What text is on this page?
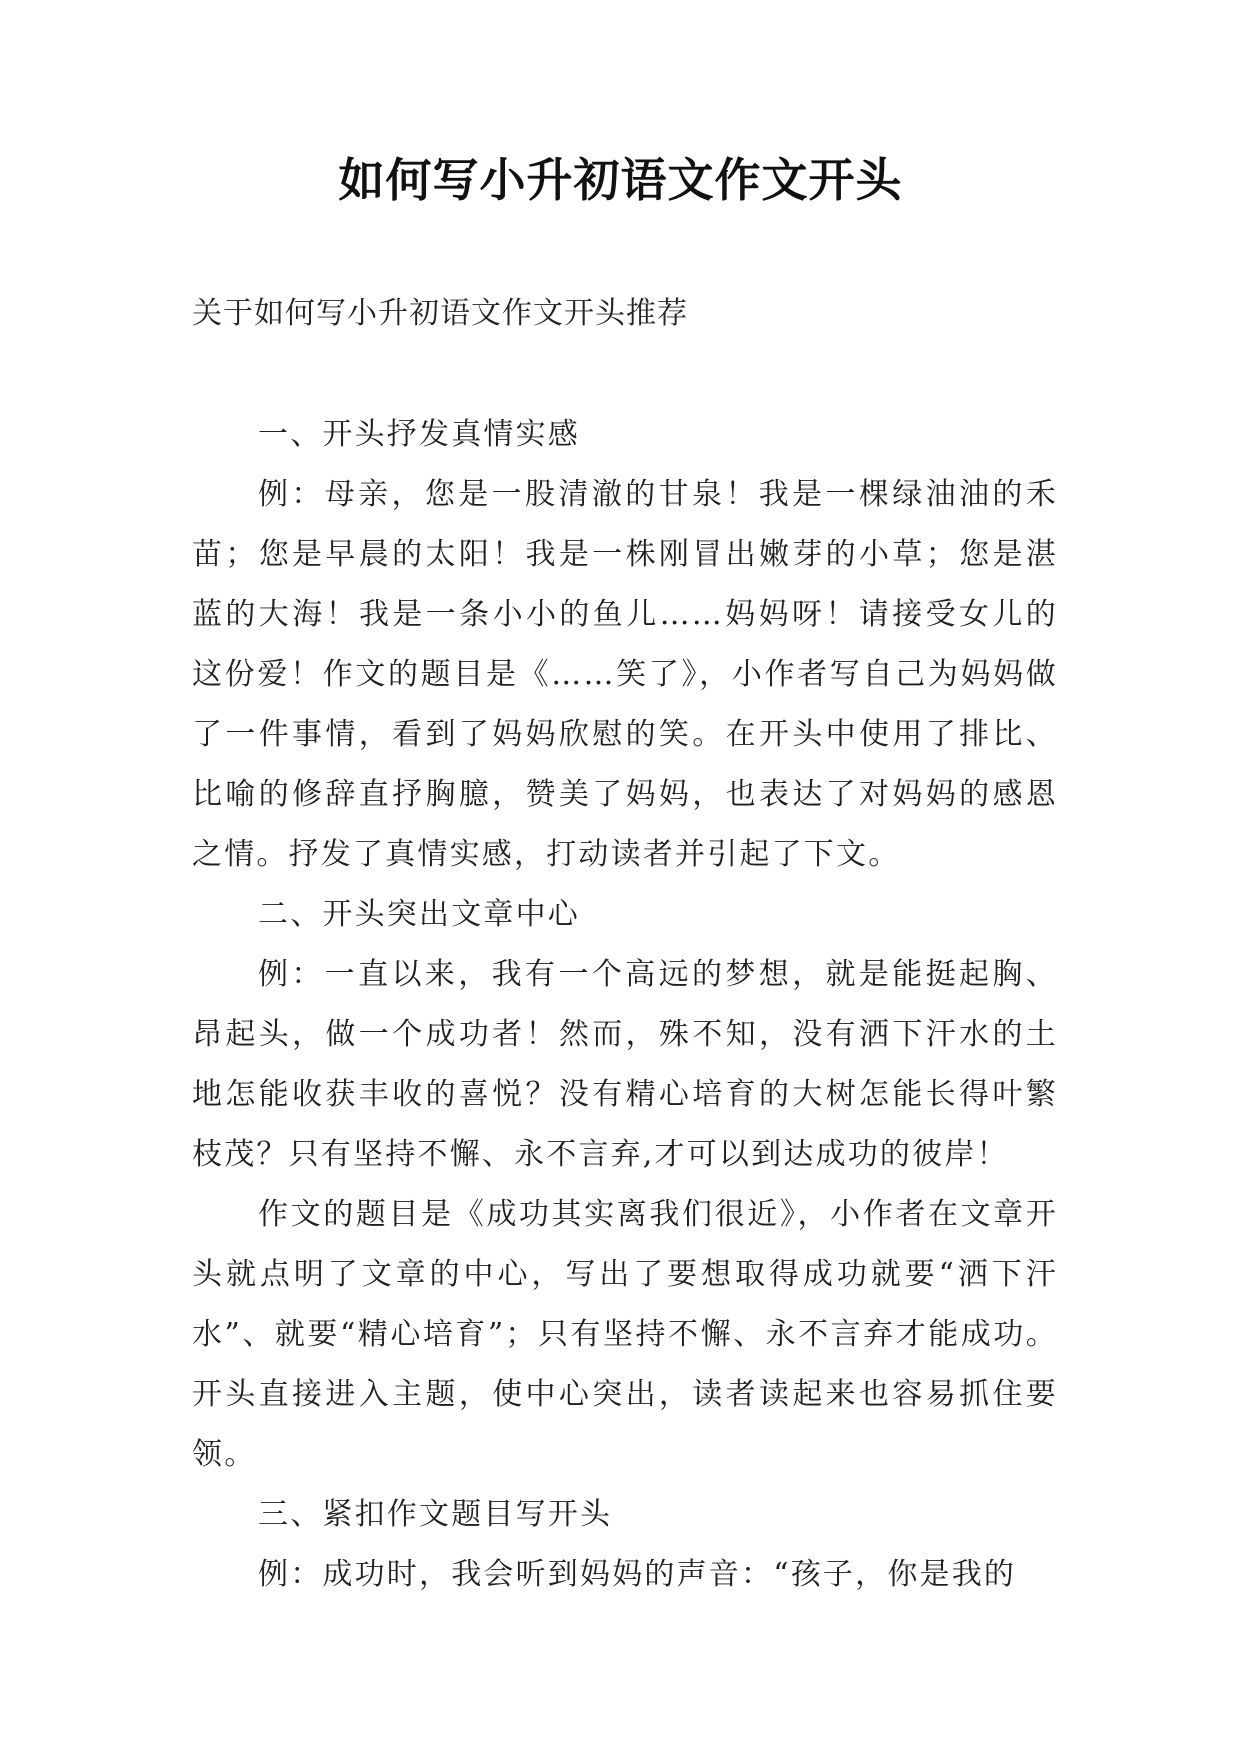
如何写小升初语文作文开头
关于如何写小升初语文作文开头推荐

一、开头抒发真情实感

例：母亲，您是一股清澈的甘泉！我是一棵绿油油的禾苗；您是早晨的太阳！我是一株刚冒出嫩芽的小草；您是湛蓝的大海！我是一条小小的鱼儿……妈妈呀！请接受女儿的这份爱！作文的题目是《……笑了》，小作者写自己为妈妈做了一件事情，看到了妈妈欣慰的笑。在开头中使用了排比、比喻的修辞直抒胸臆，赞美了妈妈，也表达了对妈妈的感恩之情。抒发了真情实感，打动读者并引起了下文。

二、开头突出文章中心

例：一直以来，我有一个高远的梦想，就是能挺起胸、昂起头，做一个成功者！然而，殊不知，没有洒下汗水的土地怎能收获丰收的喜悦？没有精心培育的大树怎能长得叶繁枝茂？只有坚持不懈、永不言弃,才可以到达成功的彼岸！

作文的题目是《成功其实离我们很近》，小作者在文章开头就点明了文章的中心，写出了要想取得成功就要“洒下汗水”、就要“精心培育”；只有坚持不懈、永不言弃才能成功。开头直接进入主题，使中心突出，读者读起来也容易抓住要领。

三、紧扣作文题目写开头

例：成功时，我会听到妈妈的声音：“孩子，你是我的
